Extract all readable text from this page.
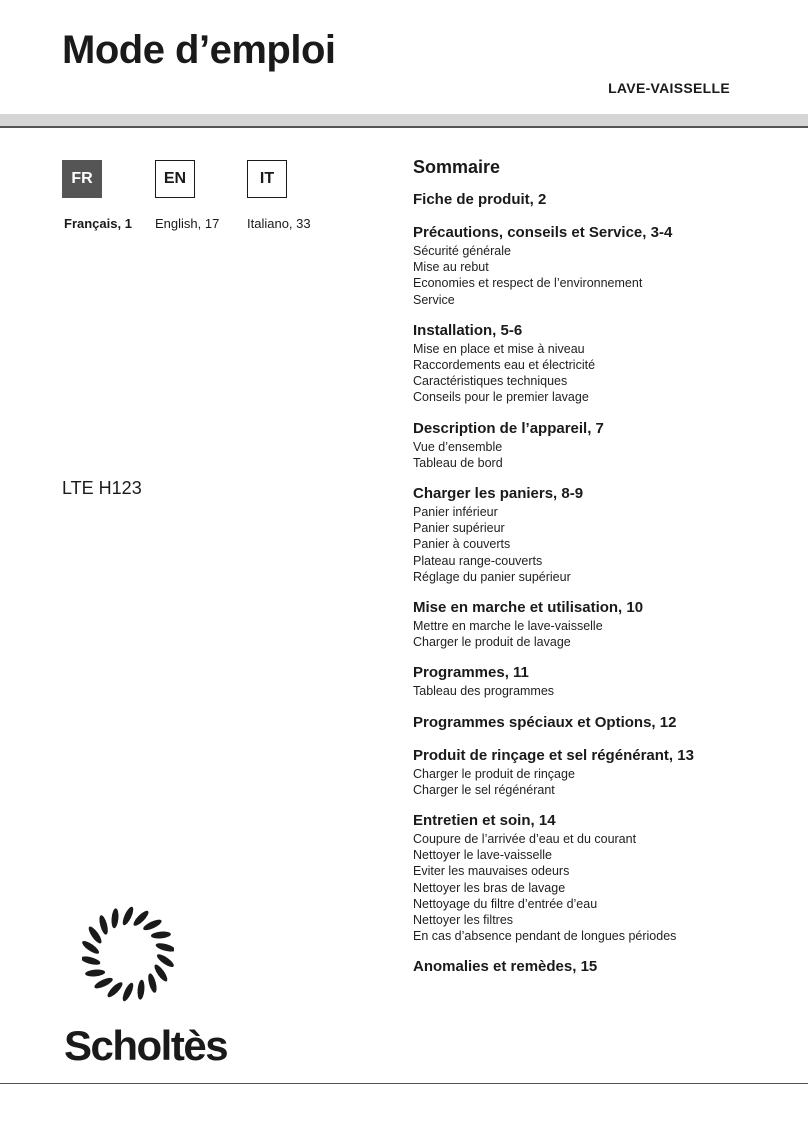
Mode d’emploi
LAVE-VAISSELLE
FR	EN	IT
Français, 1 English, 17 Italiano, 33
LTE H123
Sommaire
Fiche de produit, 2
Précautions, conseils et Service, 3-4
Sécurité générale
Mise au rebut
Economies et respect de l’environnement
Service
Installation, 5-6
Mise en place et mise à niveau
Raccordements eau et électricité
Caractéristiques techniques
Conseils pour le premier lavage
Description de l’appareil, 7
Vue d’ensemble
Tableau de bord
Charger les paniers, 8-9
Panier inférieur
Panier supérieur
Panier à couverts
Plateau range-couverts
Réglage du panier supérieur
Mise en marche et utilisation, 10
Mettre en marche le lave-vaisselle
Charger le produit de lavage
Programmes, 11
Tableau des programmes
Programmes spéciaux et Options, 12
Produit de rinçage et sel régénérant, 13
Charger le produit de rinçage
Charger le sel régénérant
Entretien et soin, 14
Coupure de l’arrivée d’eau et du courant
Nettoyer le lave-vaisselle
Eviter les mauvaises odeurs
Nettoyer les bras de lavage
Nettoyage du filtre d’entrée d’eau
Nettoyer les filtres
En cas d’absence pendant de longues périodes
Anomalies et remèdes, 15
Scholtès
